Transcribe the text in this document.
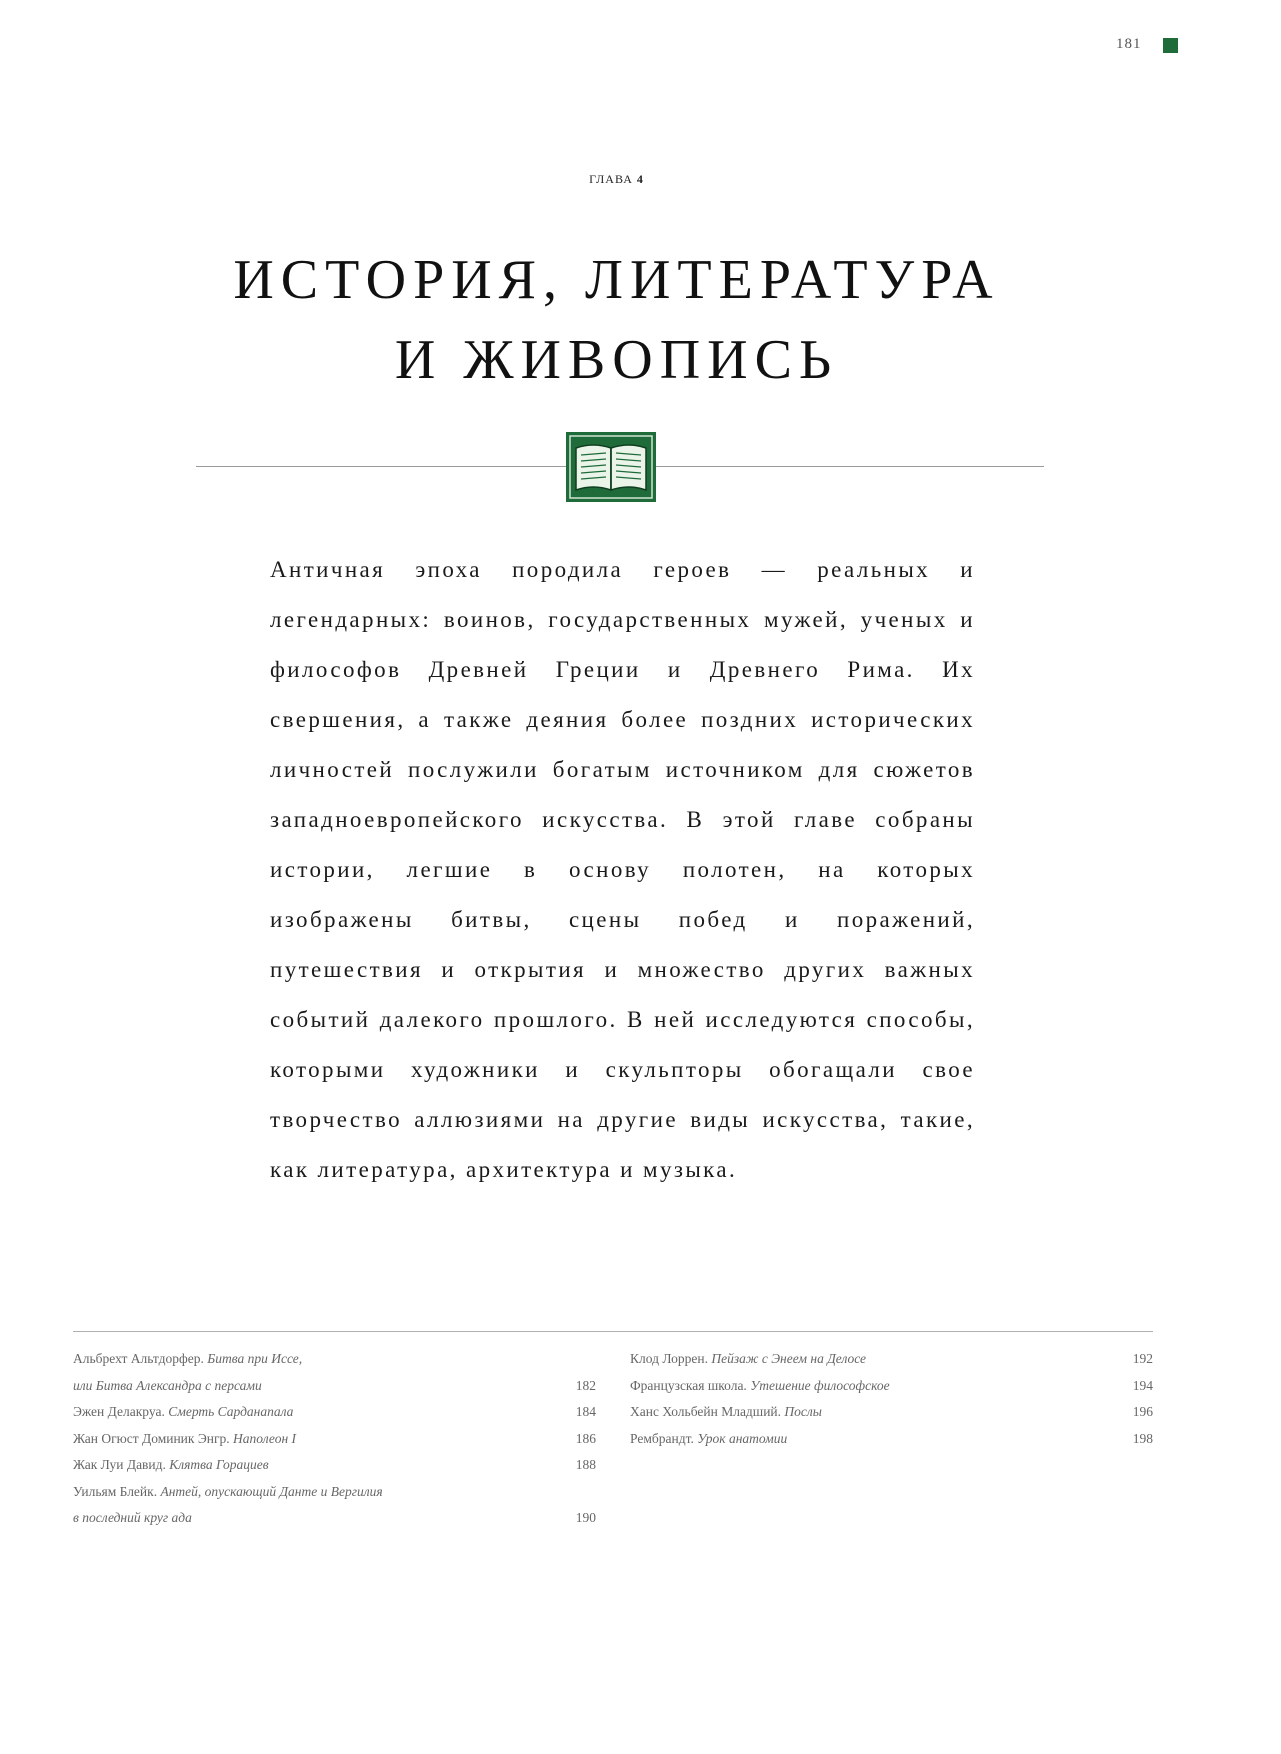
181
ГЛАВА 4
ИСТОРИЯ, ЛИТЕРАТУРА
И ЖИВОПИСЬ

Античная эпоха породила героев — реальных и легендарных: воинов, государственных мужей, ученых и философов Древней Греции и Древнего Рима. Их свершения, а также деяния более поздних исторических личностей послужили богатым источником для сюжетов западноевропейского искусства. В этой главе собраны истории, легшие в основу полотен, на которых изображены битвы, сцены побед и поражений, путешествия и открытия и множество других важных событий далекого прошлого. В ней исследуются способы, которыми художники и скульпторы обогащали свое творчество аллюзиями на другие виды искусства, такие, как литература, архитектура и музыка.

Альбрехт Альтдорфер. Битва при Иссе,
или Битва Александра с персами	182
Эжен Делакруа. Смерть Сарданапала	184
Жан Огюст Доминик Энгр. Наполеон I	186
Жак Луи Давид. Клятва Горациев	188
Уильям Блейк. Антей, опускающий Данте и Вергилия
в последний круг ада	190
Клод Лоррен. Пейзаж с Энеем на Делосе	192
Французская школа. Утешение философское	194
Ханс Хольбейн Младший. Послы	196
Рембрандт. Урок анатомии	198
